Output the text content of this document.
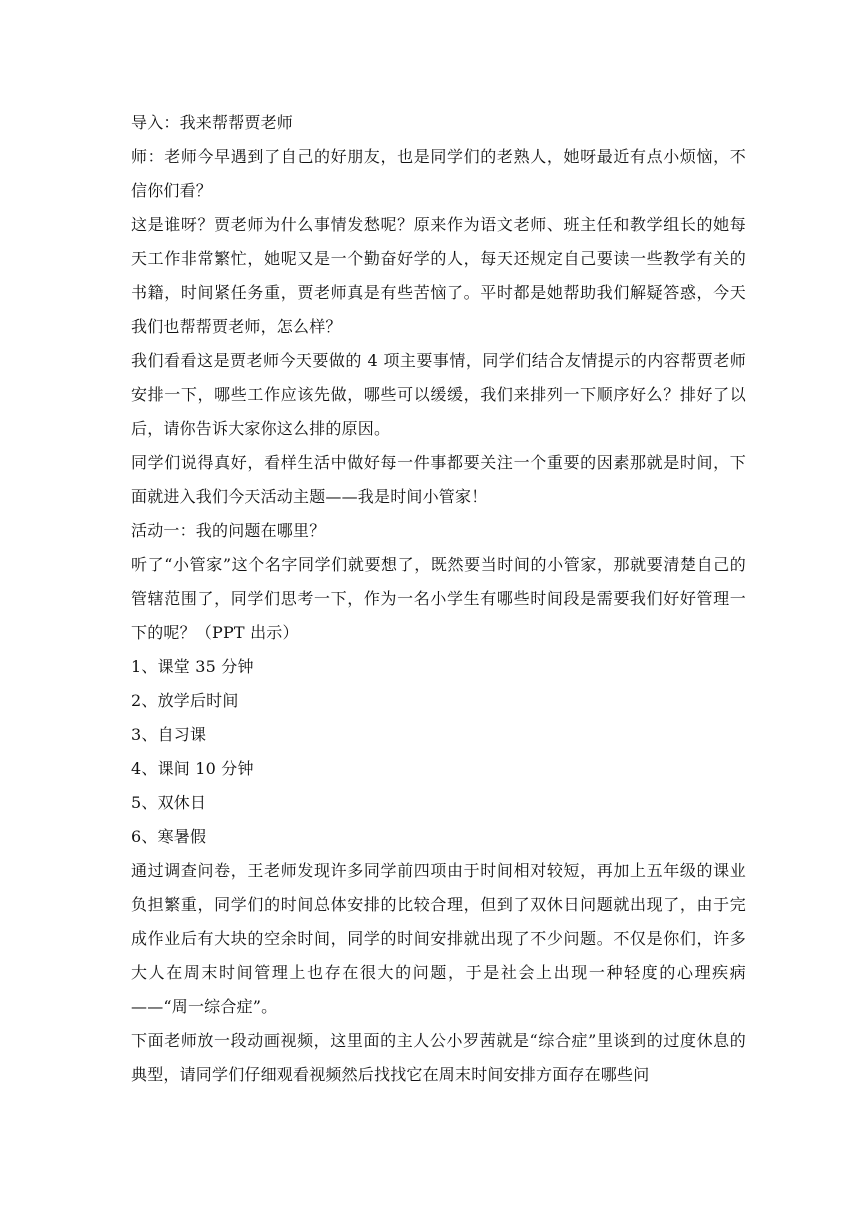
导入：我来帮帮贾老师

师：老师今早遇到了自己的好朋友，也是同学们的老熟人，她呀最近有点小烦恼，不信你们看？

这是谁呀？贾老师为什么事情发愁呢？原来作为语文老师、班主任和教学组长的她每天工作非常繁忙，她呢又是一个勤奋好学的人，每天还规定自己要读一些教学有关的书籍，时间紧任务重，贾老师真是有些苦恼了。平时都是她帮助我们解疑答惑，今天我们也帮帮贾老师，怎么样？

我们看看这是贾老师今天要做的 4 项主要事情，同学们结合友情提示的内容帮贾老师安排一下，哪些工作应该先做，哪些可以缓缓，我们来排列一下顺序好么？排好了以后，请你告诉大家你这么排的原因。

同学们说得真好，看样生活中做好每一件事都要关注一个重要的因素那就是时间，下面就进入我们今天活动主题——我是时间小管家！

活动一：我的问题在哪里？

听了“小管家”这个名字同学们就要想了，既然要当时间的小管家，那就要清楚自己的管辖范围了，同学们思考一下，作为一名小学生有哪些时间段是需要我们好好管理一下的呢？（PPT 出示）

1、课堂 35 分钟

2、放学后时间

3、自习课

4、课间 10 分钟

5、双休日

6、寒暑假

通过调查问卷，王老师发现许多同学前四项由于时间相对较短，再加上五年级的课业负担繁重，同学们的时间总体安排的比较合理，但到了双休日问题就出现了，由于完成作业后有大块的空余时间，同学的时间安排就出现了不少问题。不仅是你们，许多大人在周末时间管理上也存在很大的问题，于是社会上出现一种轻度的心理疾病——“周一综合症”。

下面老师放一段动画视频，这里面的主人公小罗茜就是“综合症”里谈到的过度休息的典型，请同学们仔细观看视频然后找找它在周末时间安排方面存在哪些问
